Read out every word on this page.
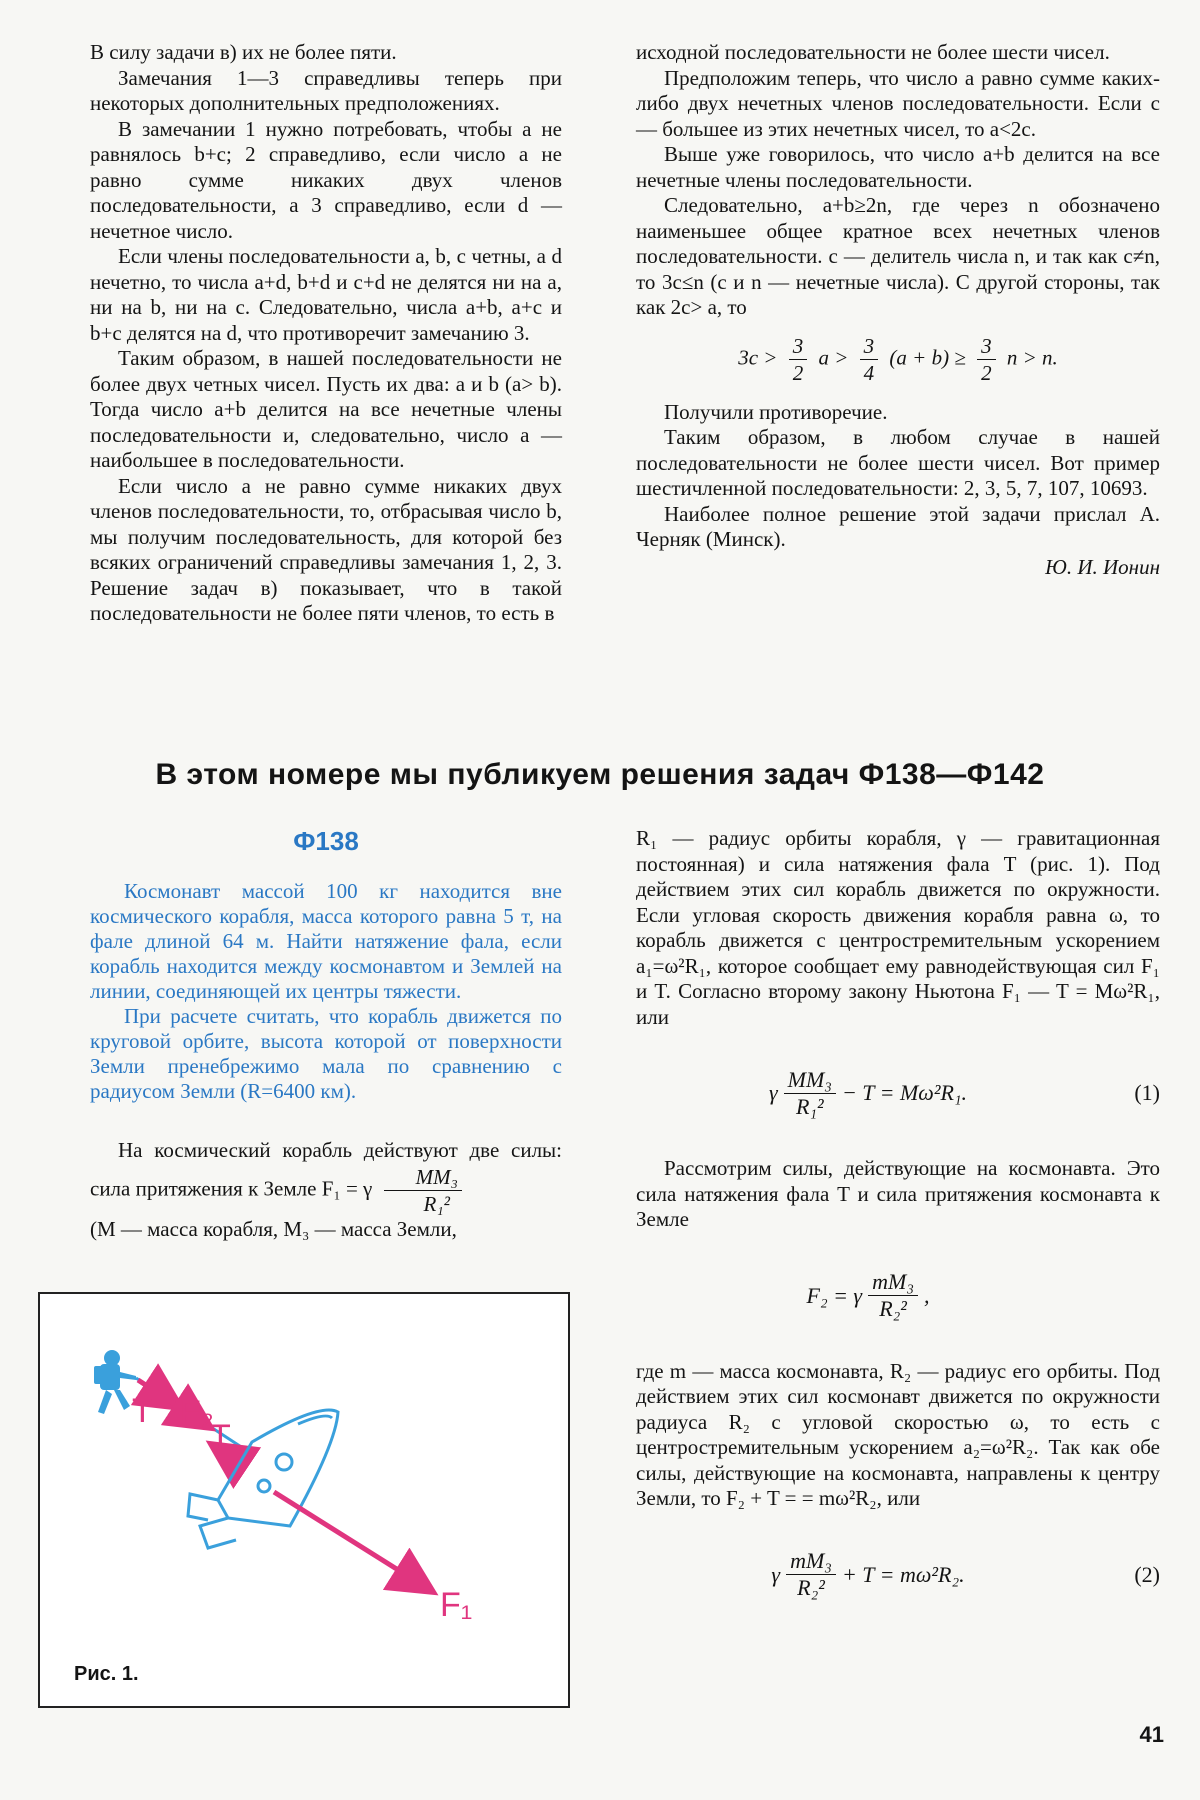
В силу задачи в) их не более пяти.

Замечания 1—3 справедливы теперь при некоторых дополнительных предположениях.

В замечании 1 нужно потребовать, чтобы a не равнялось b+c; 2 справедливо, если число a не равно сумме никаких двух членов последовательности, а 3 справедливо, если d — нечетное число.

Если члены последовательности a, b, c четны, а d нечетно, то числа a+d, b+d и c+d не делятся ни на a, ни на b, ни на c. Следовательно, числа a+b, a+c и b+c делятся на d, что противоречит замечанию 3.

Таким образом, в нашей последовательности не более двух четных чисел. Пусть их два: a и b (a> b). Тогда число a+b делится на все нечетные члены последовательности и, следовательно, число a — наибольшее в последовательности.

Если число a не равно сумме никаких двух членов последовательности, то, отбрасывая число b, мы получим последовательность, для которой без всяких ограничений справедливы замечания 1, 2, 3. Решение задач в) показывает, что в такой последовательности не более пяти членов, то есть в

исходной последовательности не более шести чисел.

Предположим теперь, что число a равно сумме каких-либо двух нечетных членов последовательности. Если c — большее из этих нечетных чисел, то a<2c.

Выше уже говорилось, что число a+b делится на все нечетные члены последовательности.

Следовательно, a+b≥2n, где через n обозначено наименьшее общее кратное всех нечетных членов последовательности. c — делитель числа n, и так как c≠n, то 3c≤n (c и n — нечетные числа). С другой стороны, так как 2c> a, то

$3c > \frac{3}{2}$ $a > \frac{3}{4} (a + b) \ge \frac{3}{2}$ n > n.

Получили противоречие.

Таким образом, в любом случае в нашей последовательности не более шести чисел. Вот пример шестичленной последовательности: 2, 3, 5, 7, 107, 10693.

Наиболее полное решение этой задачи прислал А. Черняк (Минск).

Ю. И. Ионин
В этом номере мы публикуем решения задач Ф138—Ф142
Ф138

Космонавт массой 100 кг находится вне космического корабля, масса которого равна 5 т, на фале длиной 64 м. Найти натяжение фала, если корабль находится между космонавтом и Землей на линии, соединяющей их центры тяжести.

При расчете считать, что корабль движется по круговой орбите, высота которой от поверхности Земли пренебрежимо мала по сравнению с радиусом Земли (R=6400 км).

На космический корабль действуют две силы: сила притяжения к Земле F₁ = γ $\frac{\text{MM₃}}{\text{R₁²}}$

(M — масса корабля, M₃ — масса Земли,

T F₂
T
F₁
Рис. 1.

R₁ — радиус орбиты корабля, γ — гравитационная постоянная) и сила натяжения фала T (рис. 1). Под действием этих сил корабль движется по окружности. Если угловая скорость движения корабля равна ω, то корабль движется с центростремительным ускорением a₁=ω²R₁, которое сообщает ему равнодействующая сил F₁ и T. Согласно второму закону Ньютона F₁ — T = Mω²R₁, или

γ $\frac{\text{MM₃}}{\text{R₁²}} - T = M\omega^2R_1$.	(1)

Рассмотрим силы, действующие на космонавта. Это сила натяжения фала T и сила притяжения космонавта к Земле

F₂ = γ $\frac{\text{mM₃}}{\text{R₂²}}$ ,

где m — масса космонавта, R₂ — радиус его орбиты. Под действием этих сил космонавт движется по окружности радиуса R₂ с угловой скоростью ω, то есть с центростремительным ускорением a₂=ω²R₂. Так как обе силы, действующие на космонавта, направлены к центру Земли, то F₂ + T = = mω²R₂, или

γ $\frac{\text{mM₃}}{\text{R₂²}} + T = m\omega^2R_2$.	(2)
41
